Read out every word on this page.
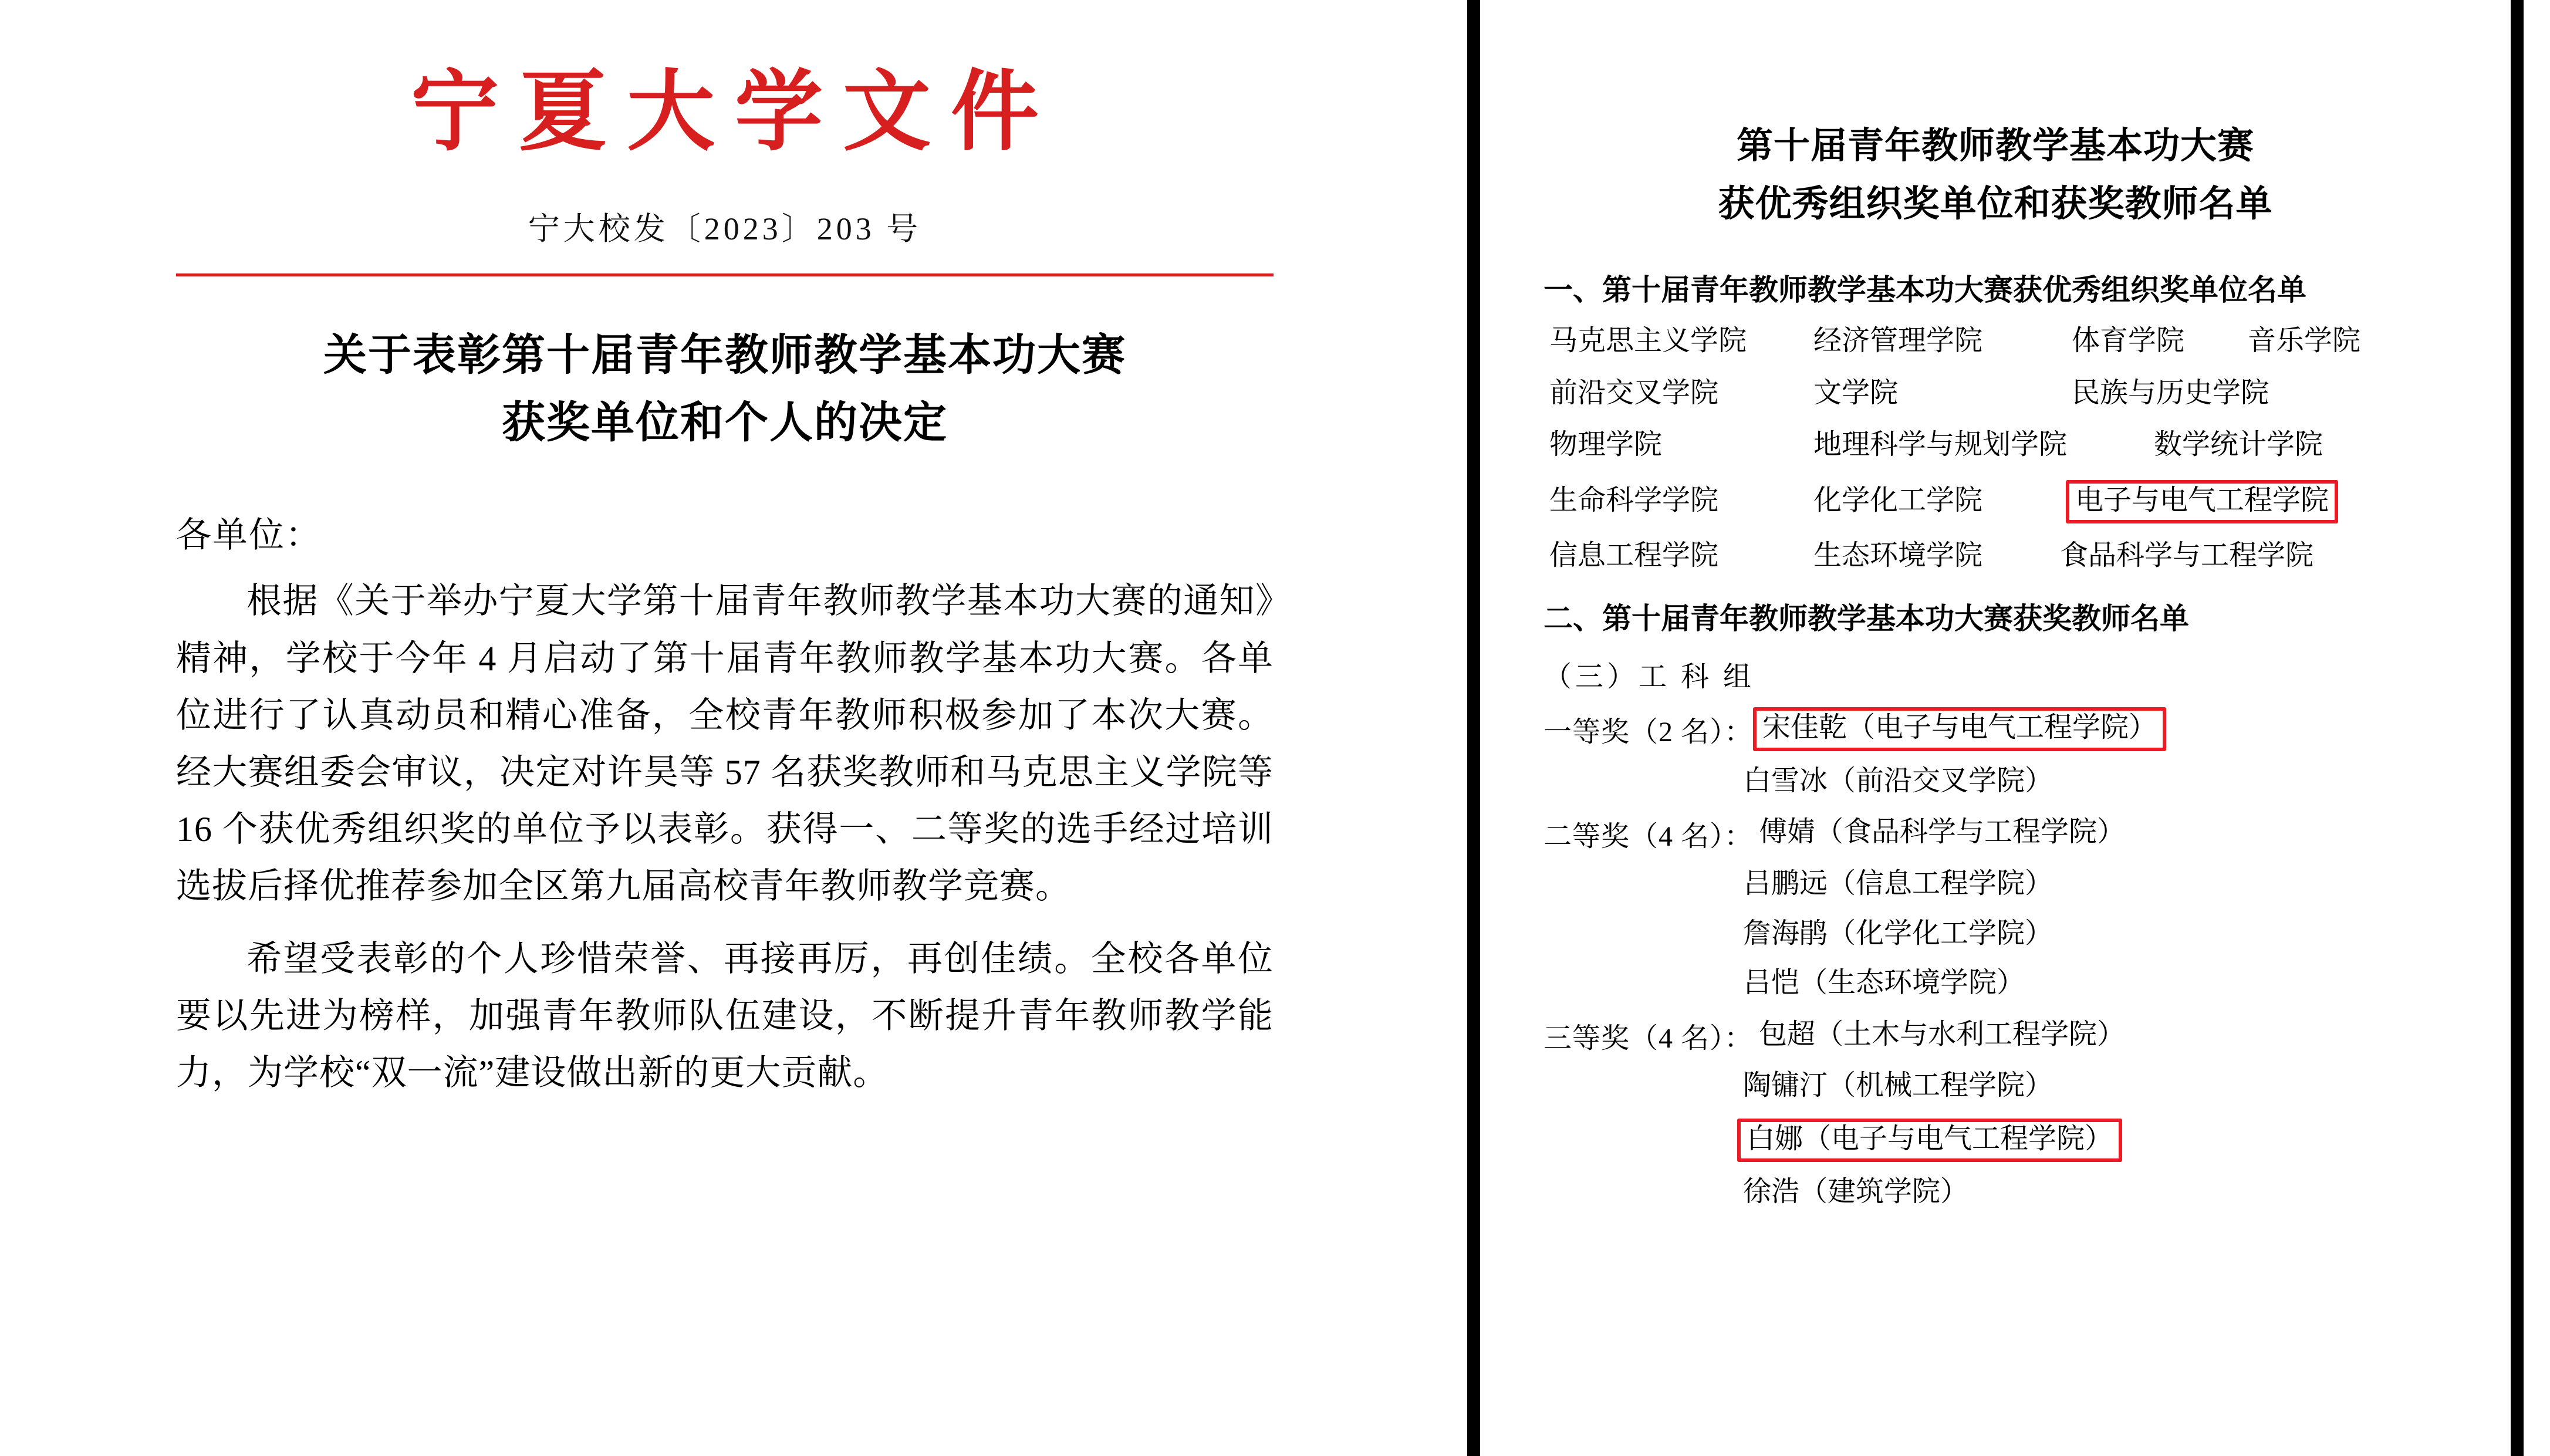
宁夏大学文件
宁大校发〔2023〕203 号
关于表彰第十届青年教师教学基本功大赛
获奖单位和个人的决定
各单位：
根据《关于举办宁夏大学第十届青年教师教学基本功大赛的通知》精神，学校于今年 4 月启动了第十届青年教师教学基本功大赛。各单位进行了认真动员和精心准备，全校青年教师积极参加了本次大赛。经大赛组委会审议，决定对许昊等 57 名获奖教师和马克思主义学院等 16 个获优秀组织奖的单位予以表彰。获得一、二等奖的选手经过培训选拔后择优推荐参加全区第九届高校青年教师教学竞赛。
希望受表彰的个人珍惜荣誉、再接再厉，再创佳绩。全校各单位要以先进为榜样，加强青年教师队伍建设，不断提升青年教师教学能力，为学校“双一流”建设做出新的更大贡献。
第十届青年教师教学基本功大赛
获优秀组织奖单位和获奖教师名单
一、第十届青年教师教学基本功大赛获优秀组织奖单位名单
马克思主义学院	经济管理学院	体育学院	音乐学院
前沿交叉学院	文学院	民族与历史学院
物理学院	地理科学与规划学院	数学统计学院
生命科学学院	化学化工学院	电子与电气工程学院
信息工程学院	生态环境学院	食品科学与工程学院
二、第十届青年教师教学基本功大赛获奖教师名单
（三）工 科 组
一等奖（2 名）： 宋佳乾（电子与电气工程学院）
白雪冰（前沿交叉学院）
二等奖（4 名）： 傅婧（食品科学与工程学院）
吕鹏远（信息工程学院）
詹海鹃（化学化工学院）
吕恺（生态环境学院）
三等奖（4 名）： 包超（土木与水利工程学院）
陶镛汀（机械工程学院）
白娜（电子与电气工程学院）
徐浩（建筑学院）
